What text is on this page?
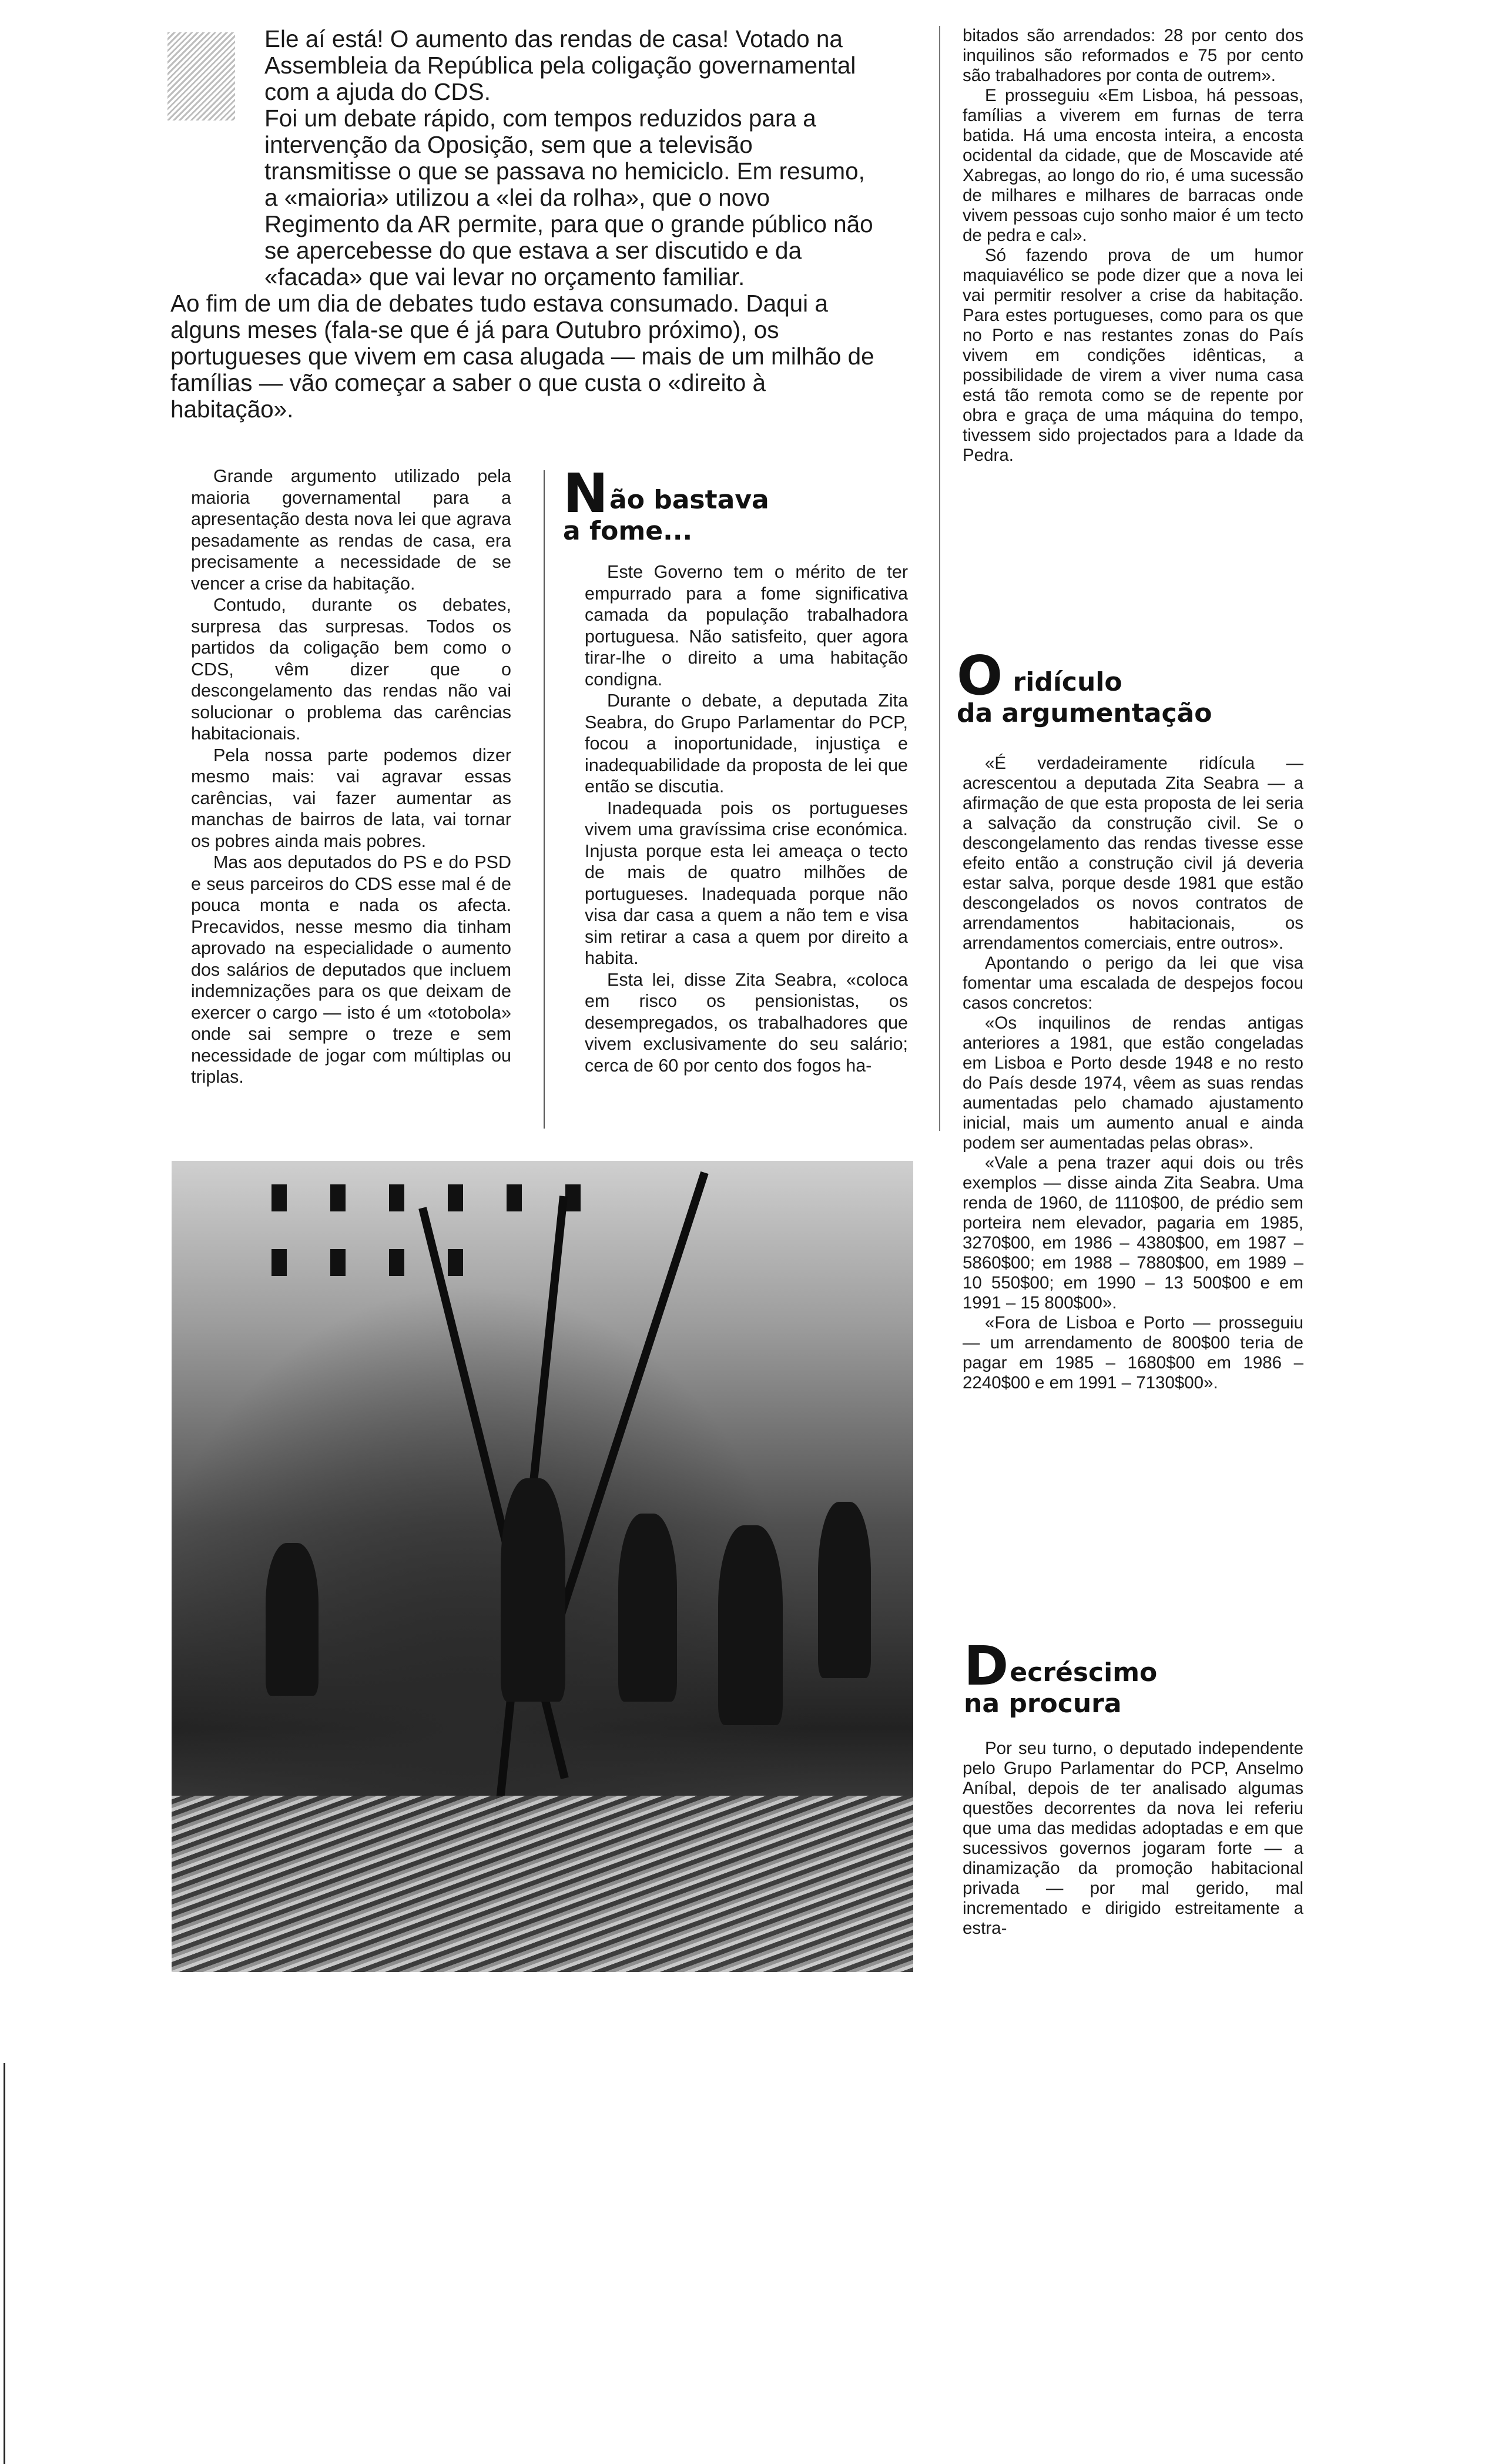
Ele aí está! O aumento das rendas de casa! Votado na Assembleia da República pela coligação governamental com a ajuda do CDS.

Foi um debate rápido, com tempos reduzidos para a intervenção da Oposição, sem que a televisão transmitisse o que se passava no hemiciclo. Em resumo, a «maioria» utilizou a «lei da rolha», que o novo Regimento da AR permite, para que o grande público não se apercebesse do que estava a ser discutido e da «facada» que vai levar no orçamento familiar.

Ao fim de um dia de debates tudo estava consumado. Daqui a alguns meses (fala-se que é já para Outubro próximo), os portugueses que vivem em casa alugada — mais de um milhão de famílias — vão começar a saber o que custa o «direito à habitação».

Grande argumento utilizado pela maioria governamental para a apresentação desta nova lei que agrava pesadamente as rendas de casa, era precisamente a necessidade de se vencer a crise da habitação.

Contudo, durante os debates, surpresa das surpresas. Todos os partidos da coligação bem como o CDS, vêm dizer que o descongelamento das rendas não vai solucionar o problema das carências habitacionais.

Pela nossa parte podemos dizer mesmo mais: vai agravar essas carências, vai fazer aumentar as manchas de bairros de lata, vai tornar os pobres ainda mais pobres.

Mas aos deputados do PS e do PSD e seus parceiros do CDS esse mal é de pouca monta e nada os afecta. Precavidos, nesse mesmo dia tinham aprovado na especialidade o aumento dos salários de deputados que incluem indemnizações para os que deixam de exercer o cargo — isto é um «totobola» onde sai sempre o treze e sem necessidade de jogar com múltiplas ou triplas.

Não bastava
a fome...

Este Governo tem o mérito de ter empurrado para a fome significativa camada da população trabalhadora portuguesa. Não satisfeito, quer agora tirar-lhe o direito a uma habitação condigna.

Durante o debate, a deputada Zita Seabra, do Grupo Parlamentar do PCP, focou a inoportunidade, injustiça e inadequabilidade da proposta de lei que então se discutia.

Inadequada pois os portugueses vivem uma gravíssima crise económica. Injusta porque esta lei ameaça o tecto de mais de quatro milhões de portugueses. Inadequada porque não visa dar casa a quem a não tem e visa sim retirar a casa a quem por direito a habita.

Esta lei, disse Zita Seabra, «coloca em risco os pensionistas, os desempregados, os trabalhadores que vivem exclusivamente do seu salário; cerca de 60 por cento dos fogos ha-

bitados são arrendados: 28 por cento dos inquilinos são reformados e 75 por cento são trabalhadores por conta de outrem».

E prosseguiu «Em Lisboa, há pessoas, famílias a viverem em furnas de terra batida. Há uma encosta inteira, a encosta ocidental da cidade, que de Moscavide até Xabregas, ao longo do rio, é uma sucessão de milhares e milhares de barracas onde vivem pessoas cujo sonho maior é um tecto de pedra e cal».

Só fazendo prova de um humor maquiavélico se pode dizer que a nova lei vai permitir resolver a crise da habitação. Para estes portugueses, como para os que no Porto e nas restantes zonas do País vivem em condições idênticas, a possibilidade de virem a viver numa casa está tão remota como se de repente por obra e graça de uma máquina do tempo, tivessem sido projectados para a Idade da Pedra.

O ridículo
da argumentação

«É verdadeiramente ridícula — acrescentou a deputada Zita Seabra — a afirmação de que esta proposta de lei seria a salvação da construção civil. Se o descongelamento das rendas tivesse esse efeito então a construção civil já deveria estar salva, porque desde 1981 que estão descongelados os novos contratos de arrendamentos habitacionais, os arrendamentos comerciais, entre outros».

Apontando o perigo da lei que visa fomentar uma escalada de despejos focou casos concretos:

«Os inquilinos de rendas antigas anteriores a 1981, que estão congeladas em Lisboa e Porto desde 1948 e no resto do País desde 1974, vêem as suas rendas aumentadas pelo chamado ajustamento inicial, mais um aumento anual e ainda podem ser aumentadas pelas obras».

«Vale a pena trazer aqui dois ou três exemplos — disse ainda Zita Seabra. Uma renda de 1960, de 1110$00, de prédio sem porteira nem elevador, pagaria em 1985, 3270$00, em 1986 – 4380$00, em 1987 – 5860$00; em 1988 – 7880$00, em 1989 – 10 550$00; em 1990 – 13 500$00 e em 1991 – 15 800$00».

«Fora de Lisboa e Porto — prosseguiu — um arrendamento de 800$00 teria de pagar em 1985 – 1680$00 em 1986 – 2240$00 e em 1991 – 7130$00».

Decréscimo
na procura

Por seu turno, o deputado independente pelo Grupo Parlamentar do PCP, Anselmo Aníbal, depois de ter analisado algumas questões decorrentes da nova lei referiu que uma das medidas adoptadas e em que sucessivos governos jogaram forte — a dinamização da promoção habitacional privada — por mal gerido, mal incrementado e dirigido estreitamente a estra-
